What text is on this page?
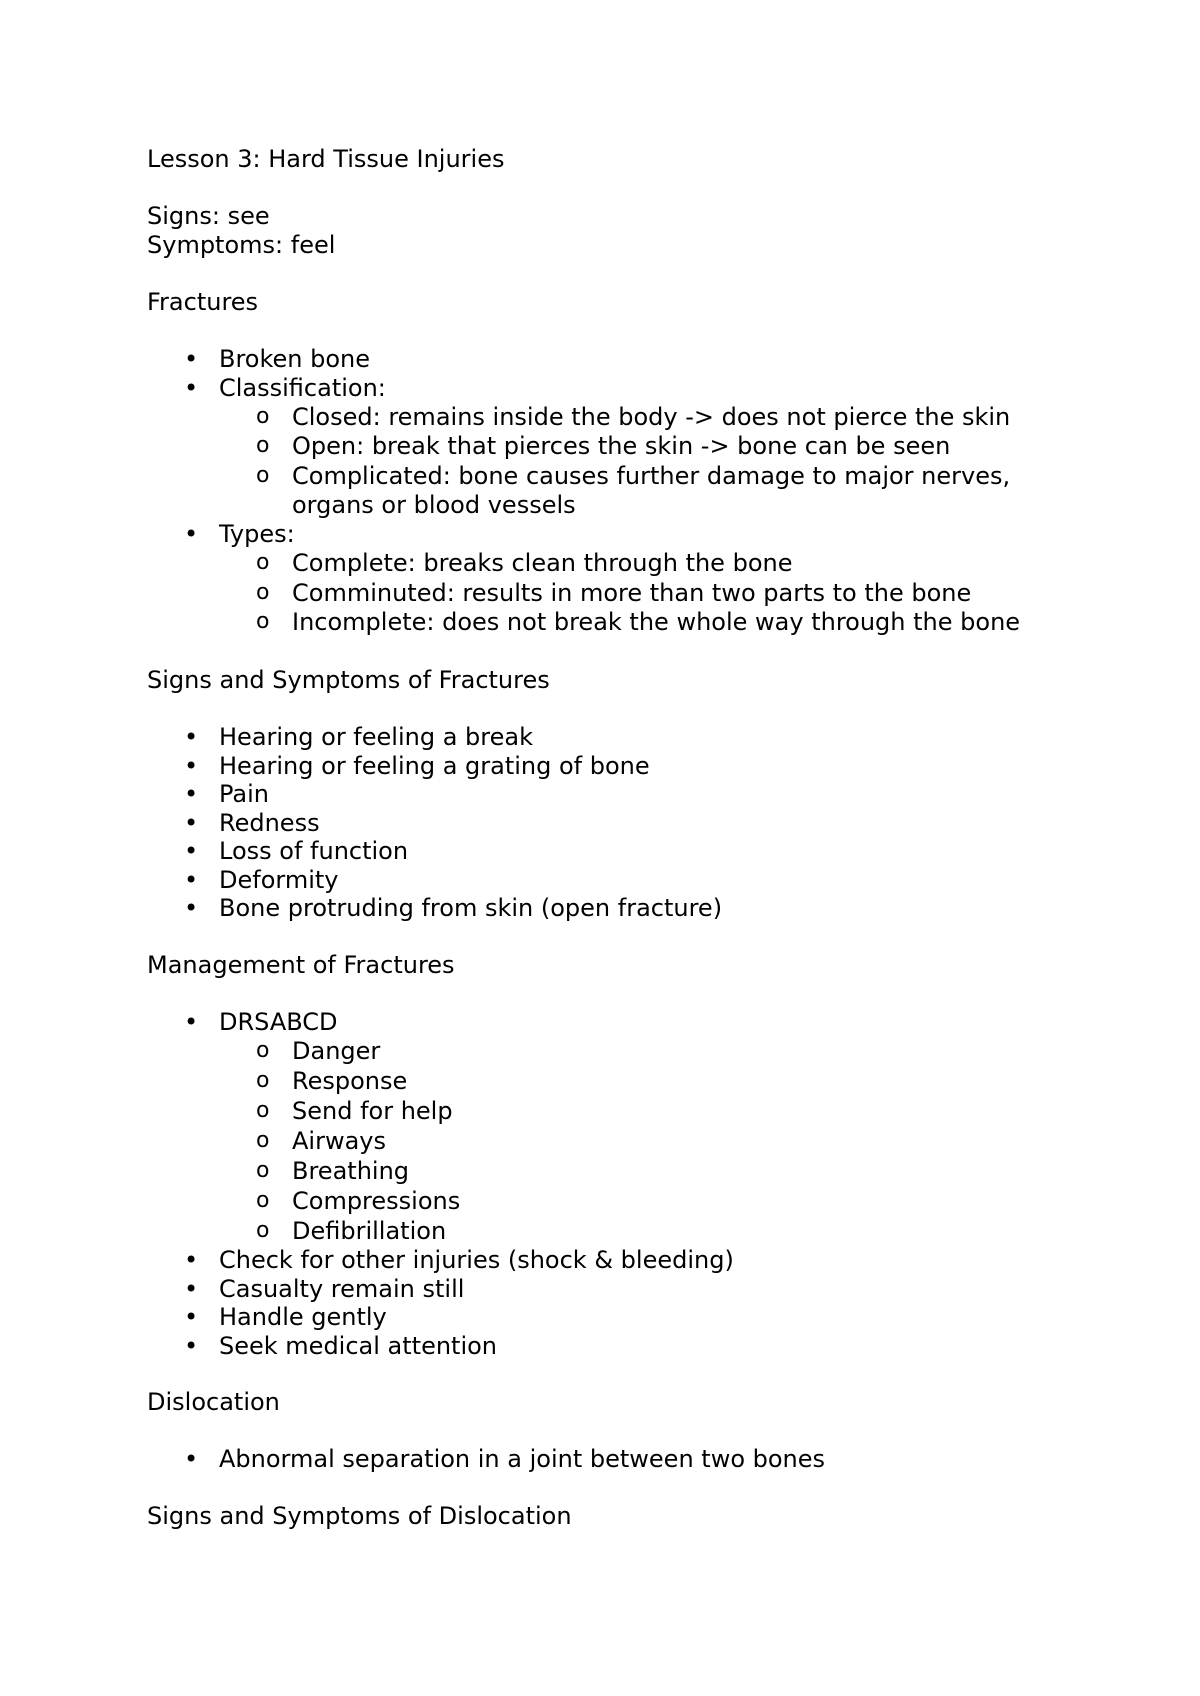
Lesson 3: Hard Tissue Injuries
Signs: see
Symptoms: feel
Fractures
• Broken bone
• Classification:
o Closed: remains inside the body -> does not pierce the skin
o Open: break that pierces the skin -> bone can be seen
o Complicated: bone causes further damage to major nerves,
organs or blood vessels
• Types:
o Complete: breaks clean through the bone
o Comminuted: results in more than two parts to the bone
o Incomplete: does not break the whole way through the bone
Signs and Symptoms of Fractures
• Hearing or feeling a break
• Hearing or feeling a grating of bone
• Pain
• Redness
• Loss of function
• Deformity
• Bone protruding from skin (open fracture)
Management of Fractures
• DRSABCD
o Danger
o Response
o Send for help
o Airways
o Breathing
o Compressions
o Defibrillation
• Check for other injuries (shock & bleeding)
• Casualty remain still
• Handle gently
• Seek medical attention
Dislocation
• Abnormal separation in a joint between two bones
Signs and Symptoms of Dislocation
